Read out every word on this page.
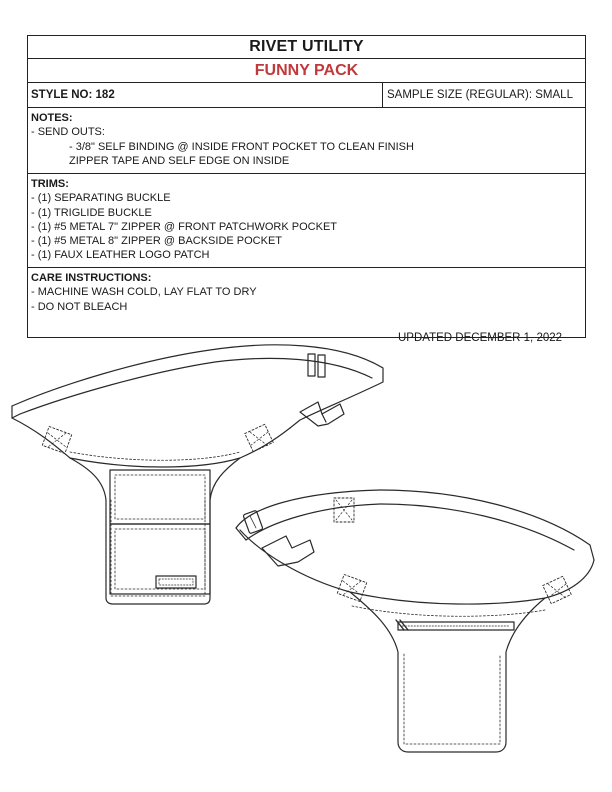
RIVET UTILITY
FUNNY PACK
STYLE NO: 182	SAMPLE SIZE (REGULAR): SMALL
NOTES:
- SEND OUTS:
- 3/8" SELF BINDING @ INSIDE FRONT POCKET TO CLEAN FINISH
ZIPPER TAPE AND SELF EDGE ON INSIDE
TRIMS:
- (1) SEPARATING BUCKLE
- (1) TRIGLIDE BUCKLE
- (1) #5 METAL 7" ZIPPER @ FRONT PATCHWORK POCKET
- (1) #5 METAL 8" ZIPPER @ BACKSIDE POCKET
- (1) FAUX LEATHER LOGO PATCH
CARE INSTRUCTIONS:
- MACHINE WASH COLD, LAY FLAT TO DRY
- DO NOT BLEACH
UPDATED DECEMBER 1, 2022
